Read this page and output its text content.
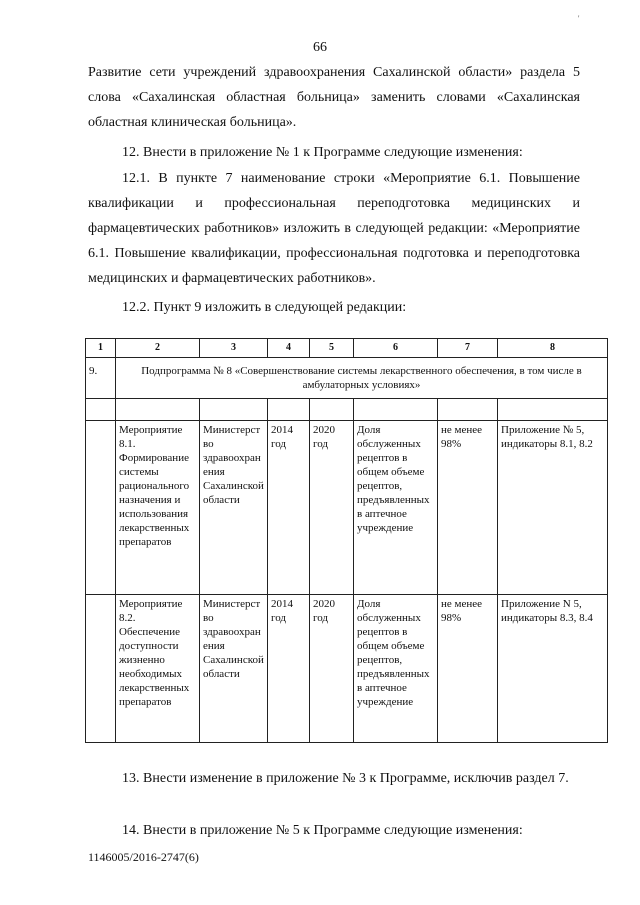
'
66

Развитие сети учреждений здравоохранения Сахалинской области» раздела 5 слова «Сахалинская областная больница» заменить словами «Сахалинская областная клиническая больница».

12. Внести в приложение № 1 к Программе следующие изменения:

12.1. В пункте 7 наименование строки «Мероприятие 6.1. Повышение квалификации и профессиональная переподготовка медицинских и фармацевтических работников» изложить в следующей редакции: «Мероприятие 6.1. Повышение квалификации, профессиональная подготовка и переподготовка медицинских и фармацевтических работников».

12.2. Пункт 9 изложить в следующей редакции:

1	2	3	4	5	6	7	8
9.	Подпрограмма № 8 «Совершенствование системы лекарственного обеспечения, в том числе в амбулаторных условиях»						

	Мероприятие 8.1. Формирование системы рационального назначения и использования лекарственных препаратов	Министерство здравоохранения Сахалинской области	2014 год	2020 год	Доля обслуженных рецептов в общем объеме рецептов, предъявленных в аптечное учреждение	не менее 98%	Приложение № 5, индикаторы 8.1, 8.2
	Мероприятие 8.2. Обеспечение доступности жизненно необходимых лекарственных препаратов	Министерство здравоохранения Сахалинской области	2014 год	2020 год	Доля обслуженных рецептов в общем объеме рецептов, предъявленных в аптечное учреждение	не менее 98%	Приложение N 5, индикаторы 8.3, 8.4

13. Внести изменение в приложение № 3 к Программе, исключив раздел 7.

14. Внести в приложение № 5 к Программе следующие изменения:

1146005/2016-2747(6)
